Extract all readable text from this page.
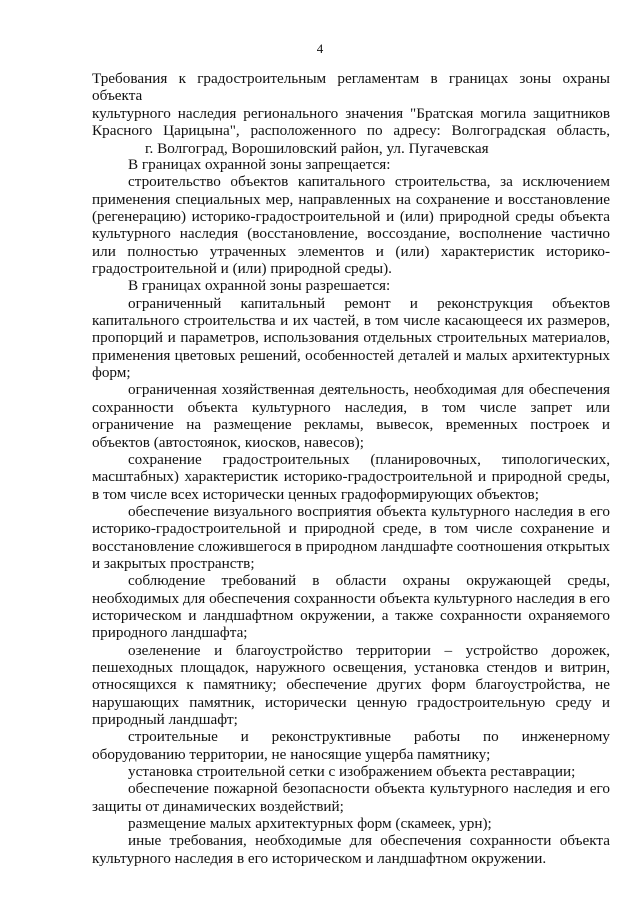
4
Требования к градостроительным регламентам в границах зоны охраны объекта
культурного наследия регионального значения "Братская могила защитников
Красного Царицына", расположенного по адресу: Волгоградская область,
г. Волгоград, Ворошиловский район, ул. Пугачевская

В границах охранной зоны запрещается:

строительство объектов капитального строительства, за исключением применения специальных мер, направленных на сохранение и восстановление (регенерацию) историко-градостроительной и (или) природной среды объекта культурного наследия (восстановление, воссоздание, восполнение частично или полностью утраченных элементов и (или) характеристик историко-градостроительной и (или) природной среды).

В границах охранной зоны разрешается:

ограниченный капитальный ремонт и реконструкция объектов капитального строительства и их частей, в том числе касающееся их размеров, пропорций и параметров, использования отдельных строительных материалов, применения цветовых решений, особенностей деталей и малых архитектурных форм;

ограниченная хозяйственная деятельность, необходимая для обеспечения сохранности объекта культурного наследия, в том числе запрет или ограничение на размещение рекламы, вывесок, временных построек и объектов (автостоянок, киосков, навесов);

сохранение градостроительных (планировочных, типологических, масштабных) характеристик историко-градостроительной и природной среды, в том числе всех исторически ценных градоформирующих объектов;

обеспечение визуального восприятия объекта культурного наследия в его историко-градостроительной и природной среде, в том числе сохранение и восстановление сложившегося в природном ландшафте соотношения открытых и закрытых пространств;

соблюдение требований в области охраны окружающей среды, необходимых для обеспечения сохранности объекта культурного наследия в его историческом и ландшафтном окружении, а также сохранности охраняемого природного ландшафта;

озеленение и благоустройство территории – устройство дорожек, пешеходных площадок, наружного освещения, установка стендов и витрин, относящихся к памятнику; обеспечение других форм благоустройства, не нарушающих памятник, исторически ценную градостроительную среду и природный ландшафт;

строительные и реконструктивные работы по инженерному оборудованию территории, не наносящие ущерба памятнику;

установка строительной сетки с изображением объекта реставрации;

обеспечение пожарной безопасности объекта культурного наследия и его защиты от динамических воздействий;

размещение малых архитектурных форм (скамеек, урн);

иные требования, необходимые для обеспечения сохранности объекта культурного наследия в его историческом и ландшафтном окружении.
